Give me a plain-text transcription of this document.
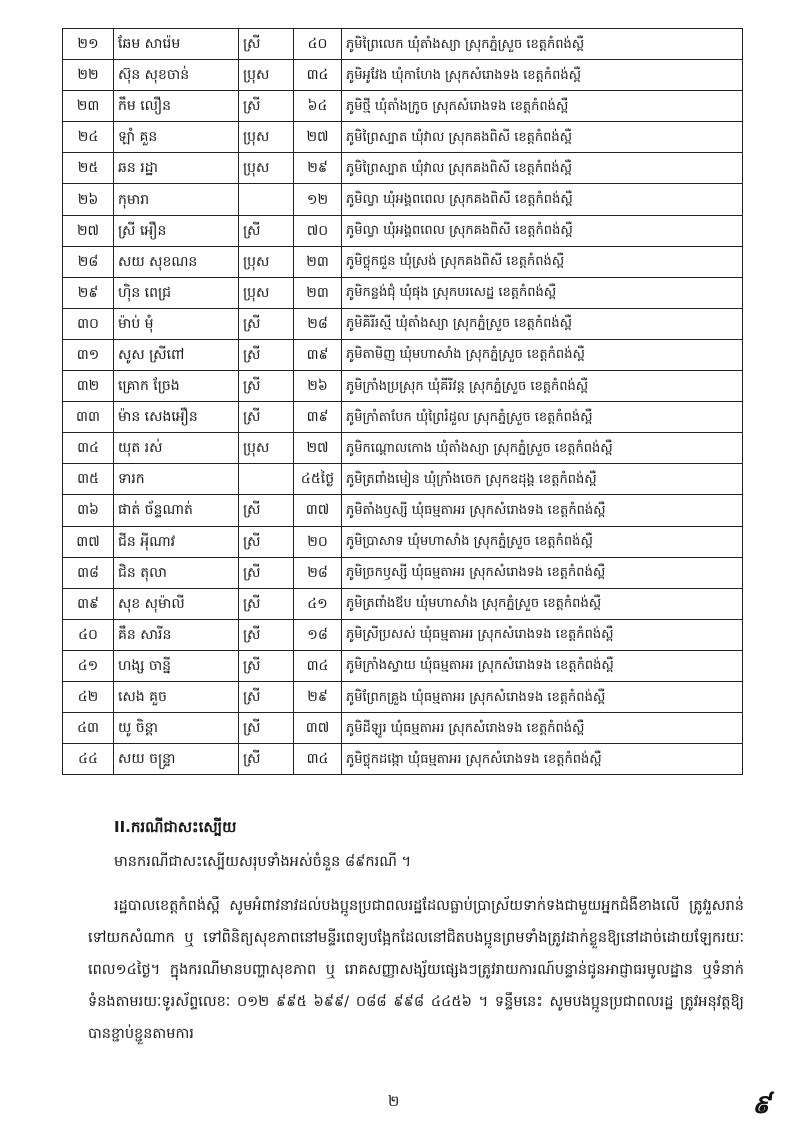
២១	ឆែម សារ៉េម	ស្រី	៤០	ភូមិព្រៃលេក ឃុំតាំងស្យា ស្រុកភ្នំស្រួច ខេត្តកំពង់ស្ពឺ
២២	ស៊ុន សុខចាន់	ប្រុស	៣៤	ភូមិអូវែង ឃុំកាហែង ស្រុកសំរោងទង ខេត្តកំពង់ស្ពឺ
២៣	កឹម លឿន	ស្រី	៦៤	ភូមិថ្មី ឃុំតាំងក្រូច ស្រុកសំរោងទង ខេត្តកំពង់ស្ពឺ
២៤	ឡាំ គួន	ប្រុស	២៧	ភូមិព្រៃស្បាត ឃុំវាល ស្រុកគងពិសី ខេត្តកំពង់ស្ពឺ
២៥	ឆន រដ្ឋា	ប្រុស	២៩	ភូមិព្រៃស្បាត ឃុំវាល ស្រុកគងពិសី ខេត្តកំពង់ស្ពឺ
២៦	កុមារា		១២	ភូមិល្វា ឃុំអង្គពពេល ស្រុកគងពិសី ខេត្តកំពង់ស្ពឺ
២៧	ស្រី អឿន	ស្រី	៧០	ភូមិល្វា ឃុំអង្គពពេល ស្រុកគងពិសី ខេត្តកំពង់ស្ពឺ
២៨	សយ សុខណន	ប្រុស	២៣	ភូមិថ្លុកជួន ឃុំស្រង់ ស្រុកគងពិសី ខេត្តកំពង់ស្ពឺ
២៩	ហ៊ិន ពេជ្រ	ប្រុស	២៣	ភូមិកន្លង់ជុំ ឃុំផុង ស្រុកបរសេដ្ឋ ខេត្តកំពង់ស្ពឺ
៣០	ម៉ាប់ មុំ	ស្រី	២៨	ភូមិគិរីរស្មី ឃុំតាំងស្យា ស្រុកភ្នំស្រួច ខេត្តកំពង់ស្ពឺ
៣១	សូស ស្រីពៅ	ស្រី	៣៩	ភូមិតាមិញ ឃុំមហាសាំង ស្រុកភ្នំស្រួច ខេត្តកំពង់ស្ពឺ
៣២	គ្រោក ច្រែង	ស្រី	២៦	ភូមិក្រាំងប្រស្រុក ឃុំគីរីវន្ត ស្រុកភ្នំស្រួច ខេត្តកំពង់ស្ពឺ
៣៣	ម៉ាន សេងអឿន	ស្រី	៣៩	ភូមិក្រាំតាបែក ឃុំព្រៃរំដួល ស្រុកភ្នំស្រួច ខេត្តកំពង់ស្ពឺ
៣៤	យុត រស់	ប្រុស	២៧	ភូមិកណ្ដោលកោង ឃុំតាំងស្យា ស្រុកភ្នំស្រួច ខេត្តកំពង់ស្ពឺ
៣៥	ទារក		៤៥ថ្ងៃ	ភូមិត្រពាំងមៀន ឃុំក្រាំងចេក ស្រុកឧដុង្គ ខេត្តកំពង់ស្ពឺ
៣៦	ផាត់ ច័ន្ទណាត់	ស្រី	៣៧	ភូមិតាំងឫស្សី ឃុំធម្មតាអរ ស្រុកសំរោងទង ខេត្តកំពង់ស្ពឺ
៣៧	ជីន អុីណាវ	ស្រី	២០	ភូមិប្រាសាទ ឃុំមហាសាំង ស្រុកភ្នំស្រួច ខេត្តកំពង់ស្ពឺ
៣៨	ជិន តុលា	ស្រី	២៨	ភូមិច្រកឫស្សី ឃុំធម្មតាអរ ស្រុកសំរោងទង ខេត្តកំពង់ស្ពឺ
៣៩	សុខ សុម៉ាលី	ស្រី	៤១	ភូមិត្រពាំងឪប ឃុំមហាសាំង ស្រុកភ្នំស្រួច ខេត្តកំពង់ស្ពឺ
៤០	គឹន សារីន	ស្រី	១៨	ភូមិស្រីប្រសស់ ឃុំធម្មតាអរ ស្រុកសំរោងទង ខេត្តកំពង់ស្ពឺ
៤១	ហង្ស ចាន្នី	ស្រី	៣៤	ភូមិក្រាំងស្វាយ ឃុំធម្មតាអរ ស្រុកសំរោងទង ខេត្តកំពង់ស្ពឺ
៤២	សេង គួច	ស្រី	២៩	ភូមិព្រែកគ្រួង ឃុំធម្មតាអរ ស្រុកសំរោងទង ខេត្តកំពង់ស្ពឺ
៤៣	យូ ចិន្តា	ស្រី	៣៧	ភូមិដីឡូរ ឃុំធម្មតាអរ ស្រុកសំរោងទង ខេត្តកំពង់ស្ពឺ
៤៤	សយ ចន្ទ្រា	ស្រី	៣៤	ភូមិថ្លុកដង្កោ ឃុំធម្មតាអរ ស្រុកសំរោងទង ខេត្តកំពង់ស្ពឺ
II.ករណីជាសះស្បើយ
មានករណីជាសះស្បើយសរុបទាំងអស់ចំនួន ៨៩ករណី ។
រដ្ឋបាលខេត្តកំពង់ស្ពឺ សូមអំពាវនាវដល់បងប្អូនប្រជាពលរដ្ឋដែលធ្លាប់ប្រាស្រ័យទាក់ទងជាមួយអ្នកជំងឺខាងលើ ត្រូវរួសរាន់ទៅយកសំណាក ឬ ទៅពិនិត្យសុខភាពនៅមន្ទីរពេទ្យបង្អែកដែលនៅជិតបងប្អូនព្រមទាំងត្រូវដាក់ខ្លួនឱ្យនៅដាច់ដោយឡែករយៈពេល១៤ថ្ងៃ។ ក្នុងករណីមានបញ្ហាសុខភាព ឬ រោគសញ្ញាសង្ស័យផ្សេងៗត្រូវរាយការណ៍បន្ទាន់ជូនអាជ្ញាធរមូលដ្ឋាន ឬទំនាក់ទំនងតាមរយៈទូរស័ព្ទលេខៈ ០១២ ៩៩៥ ៦៩៩/ ០៨៨ ៩៩៨ ៤៤៥៦ ។ ទន្ទឹមនេះ សូមបងប្អូនប្រជាពលរដ្ឋ ត្រូវអនុវត្តឱ្យបានខ្ជាប់ខ្ជួនតាមការ
២	៩
